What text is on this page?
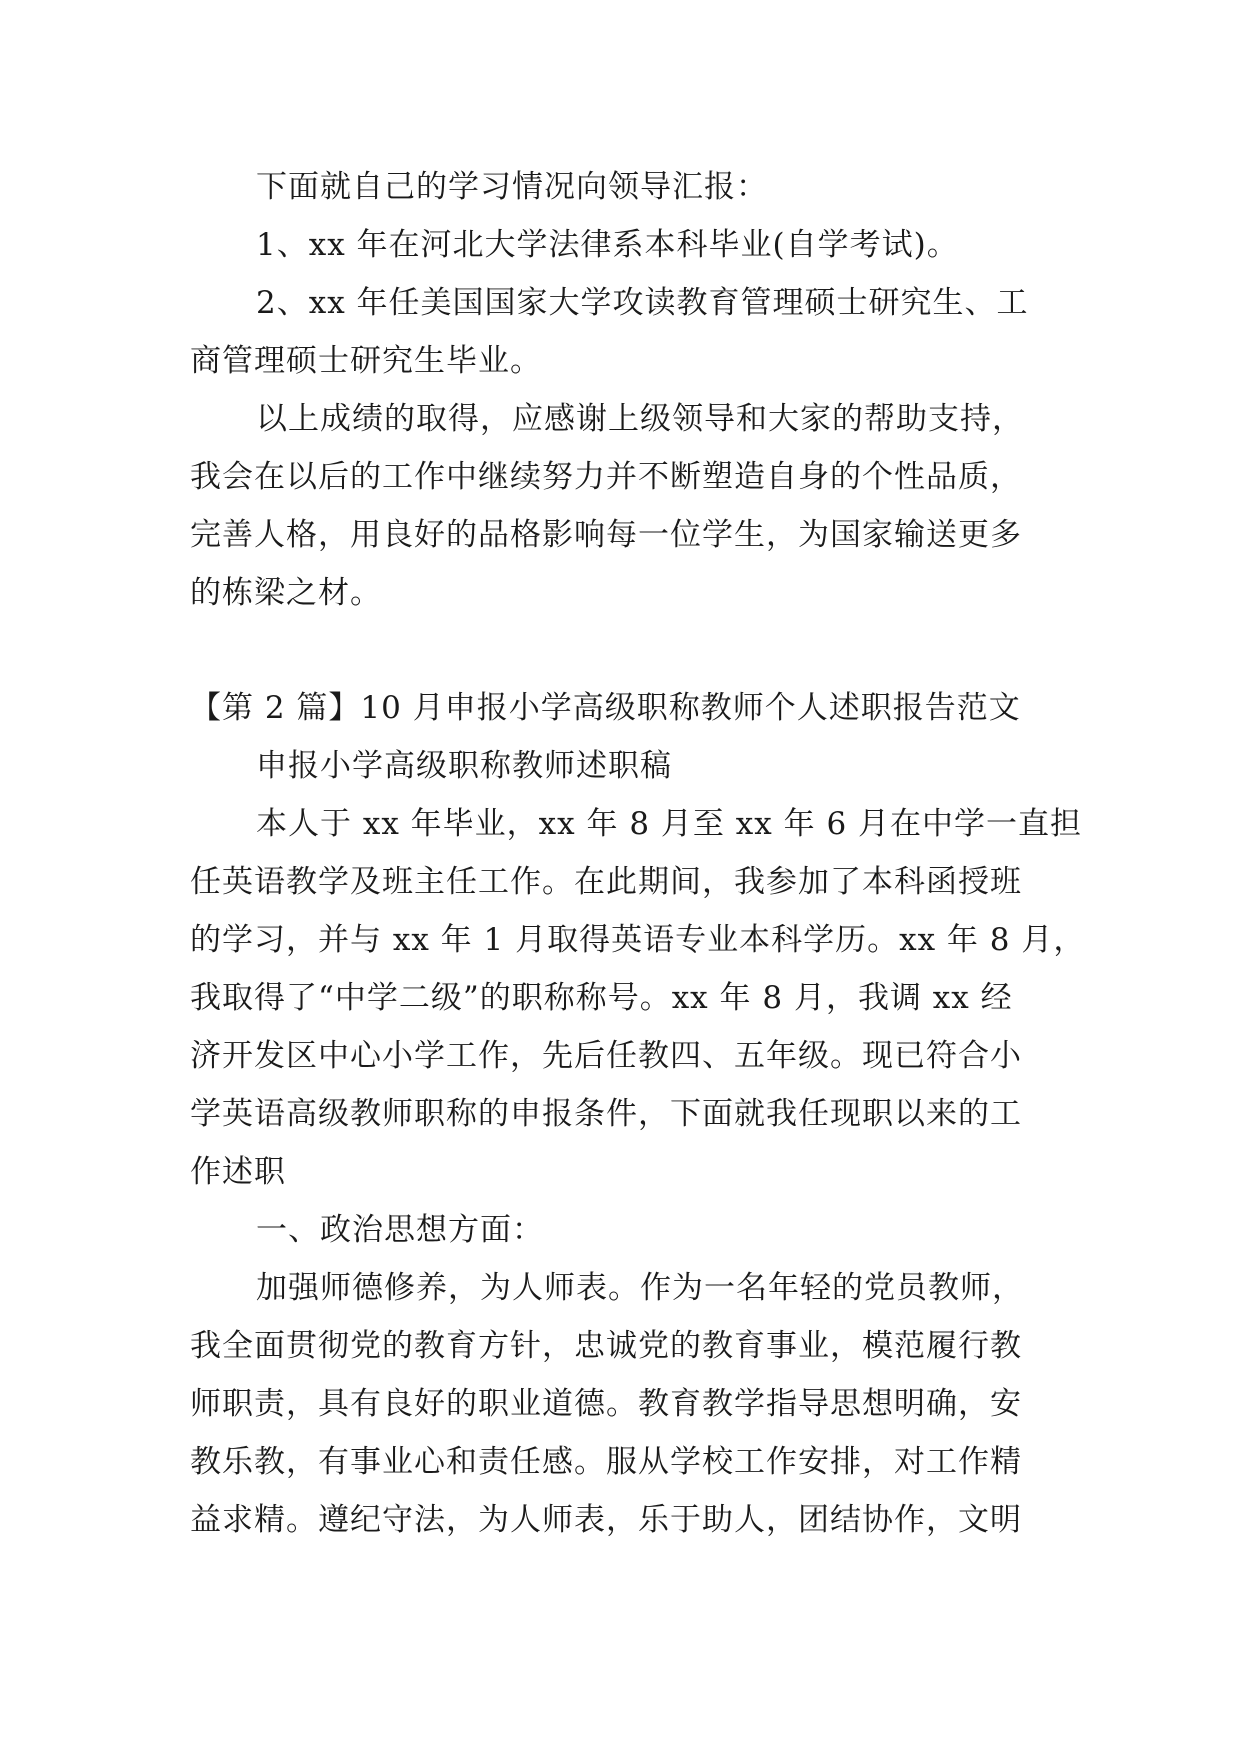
下面就自己的学习情况向领导汇报：
1、xx 年在河北大学法律系本科毕业(自学考试)。
2、xx 年任美国国家大学攻读教育管理硕士研究生、工
商管理硕士研究生毕业。
以上成绩的取得，应感谢上级领导和大家的帮助支持，
我会在以后的工作中继续努力并不断塑造自身的个性品质，
完善人格，用良好的品格影响每一位学生，为国家输送更多
的栋梁之材。
【第 2 篇】10 月申报小学高级职称教师个人述职报告范文
申报小学高级职称教师述职稿
本人于 xx 年毕业，xx 年 8 月至 xx 年 6 月在中学一直担
任英语教学及班主任工作。在此期间，我参加了本科函授班
的学习，并与 xx 年 1 月取得英语专业本科学历。xx 年 8 月，
我取得了“中学二级”的职称称号。xx 年 8 月，我调 xx 经
济开发区中心小学工作，先后任教四、五年级。现已符合小
学英语高级教师职称的申报条件，下面就我任现职以来的工
作述职
一、政治思想方面：
加强师德修养，为人师表。作为一名年轻的党员教师，
我全面贯彻党的教育方针，忠诚党的教育事业，模范履行教
师职责，具有良好的职业道德。教育教学指导思想明确，安
教乐教，有事业心和责任感。服从学校工作安排，对工作精
益求精。遵纪守法，为人师表，乐于助人，团结协作，文明
